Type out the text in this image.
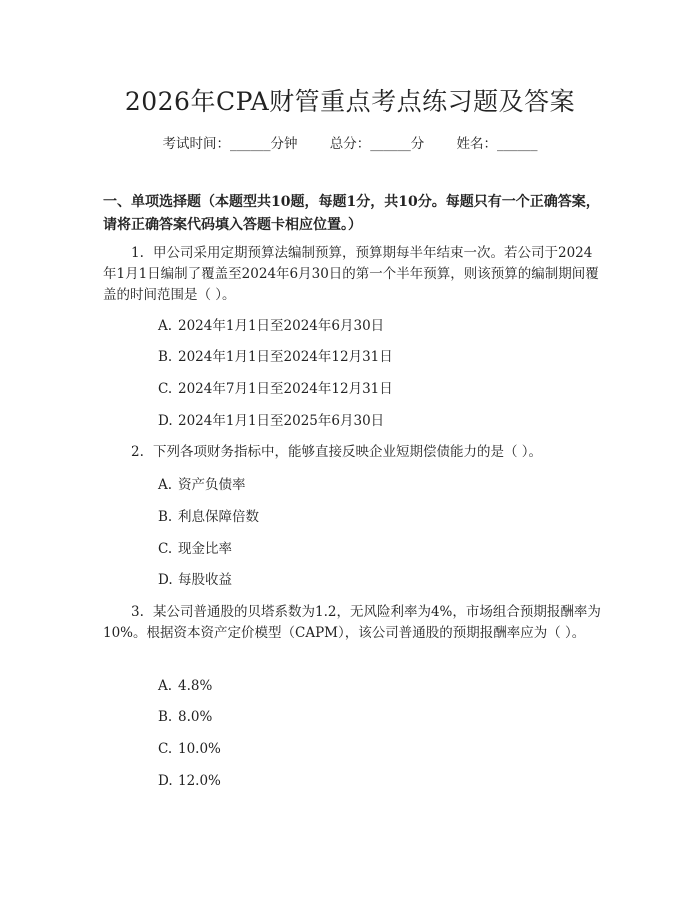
2026年CPA财管重点考点练习题及答案
考试时间：______分钟 总分：______分 姓名：______
一、单项选择题（本题型共10题，每题1分，共10分。每题只有一个正确答案，请将正确答案代码填入答题卡相应位置。）
1. 甲公司采用定期预算法编制预算，预算期每半年结束一次。若公司于2024年1月1日编制了覆盖至2024年6月30日的第一个半年预算，则该预算的编制期间覆盖的时间范围是（ ）。
A. 2024年1月1日至2024年6月30日
B. 2024年1月1日至2024年12月31日
C. 2024年7月1日至2024年12月31日
D. 2024年1月1日至2025年6月30日
2. 下列各项财务指标中，能够直接反映企业短期偿债能力的是（ ）。
A. 资产负债率
B. 利息保障倍数
C. 现金比率
D. 每股收益
3. 某公司普通股的贝塔系数为1.2，无风险利率为4%，市场组合预期报酬率为10%。根据资本资产定价模型（CAPM），该公司普通股的预期报酬率应为（ ）。
A. 4.8%
B. 8.0%
C. 10.0%
D. 12.0%
